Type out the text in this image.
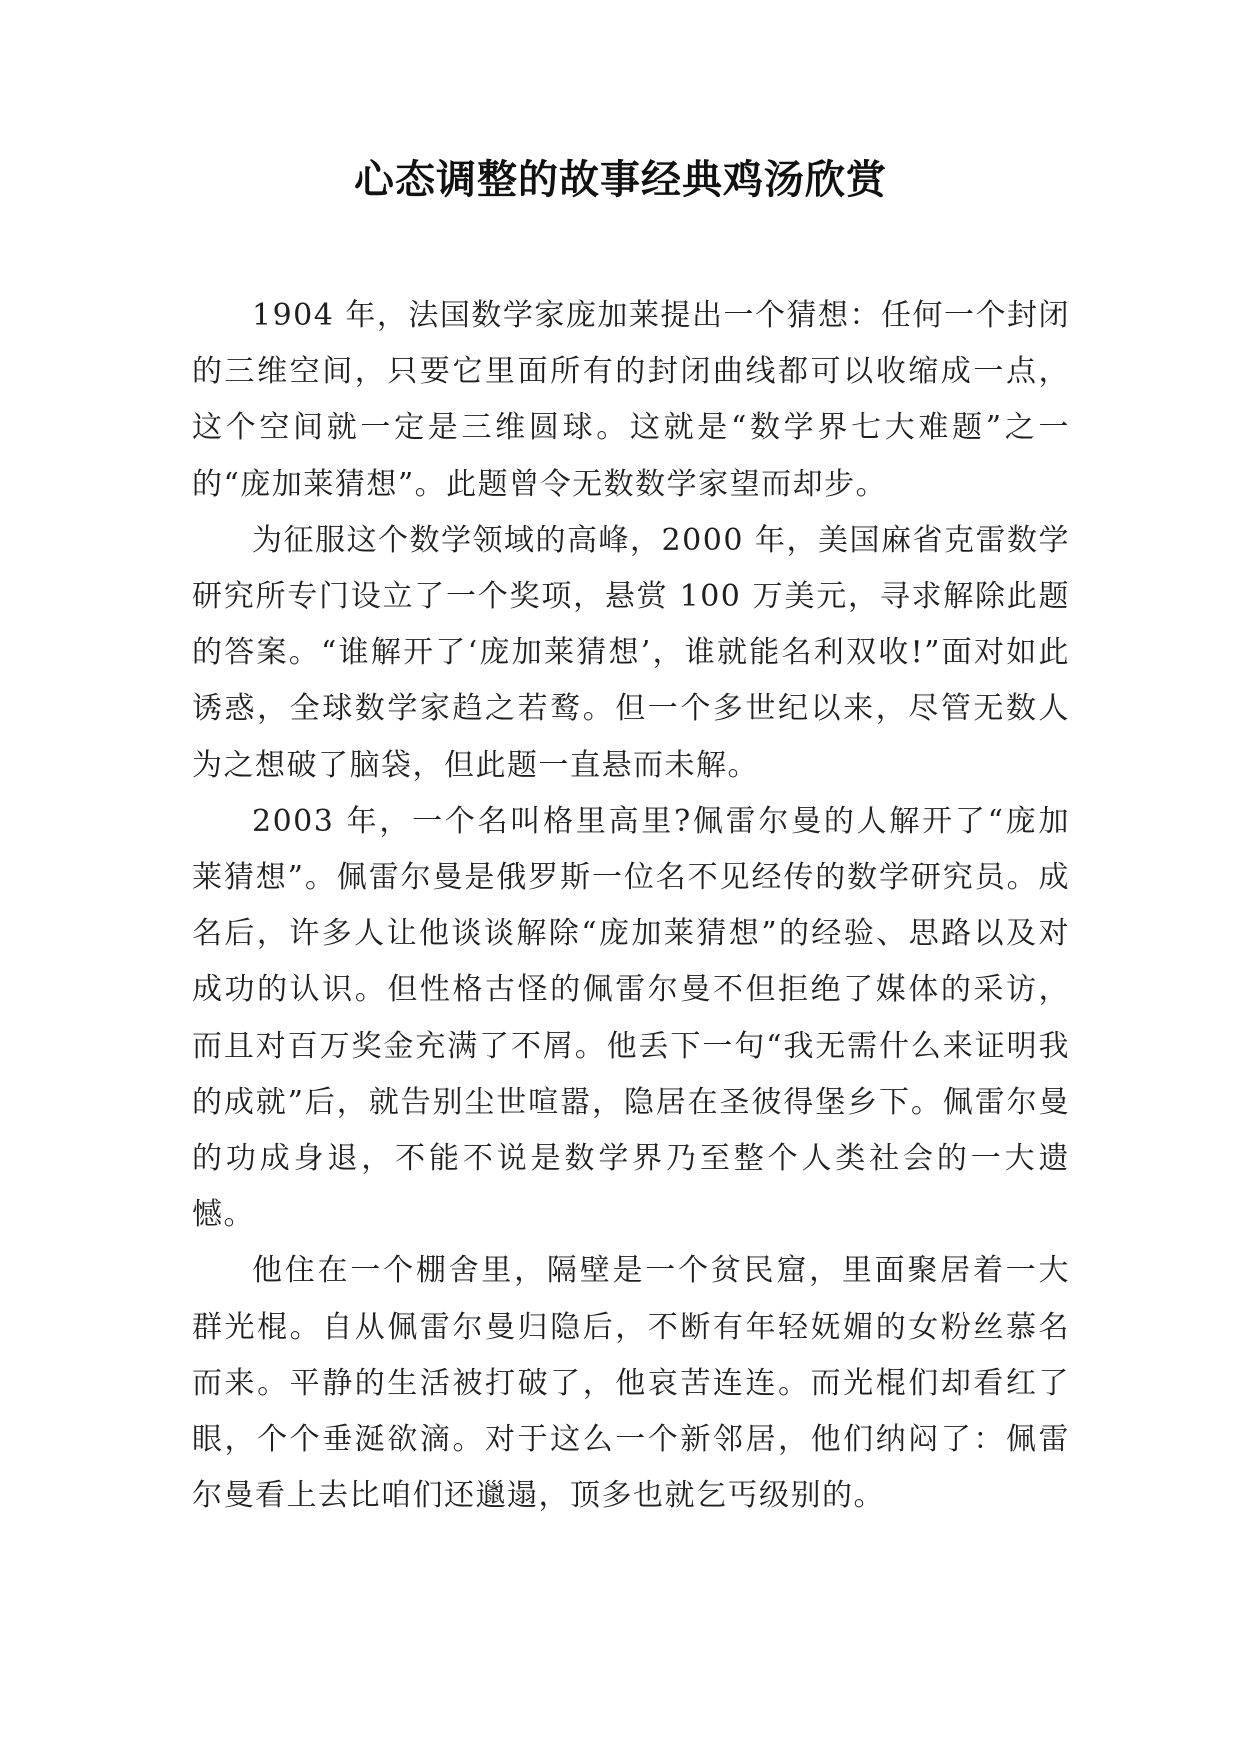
心态调整的故事经典鸡汤欣赏

1904 年，法国数学家庞加莱提出一个猜想：任何一个封闭的三维空间，只要它里面所有的封闭曲线都可以收缩成一点，这个空间就一定是三维圆球。这就是“数学界七大难题”之一的“庞加莱猜想”。此题曾令无数数学家望而却步。

为征服这个数学领域的高峰，2000 年，美国麻省克雷数学研究所专门设立了一个奖项，悬赏 100 万美元，寻求解除此题的答案。“谁解开了‘庞加莱猜想’，谁就能名利双收!”面对如此诱惑，全球数学家趋之若鹜。但一个多世纪以来，尽管无数人为之想破了脑袋，但此题一直悬而未解。

2003 年，一个名叫格里高里?佩雷尔曼的人解开了“庞加莱猜想”。佩雷尔曼是俄罗斯一位名不见经传的数学研究员。成名后，许多人让他谈谈解除“庞加莱猜想”的经验、思路以及对成功的认识。但性格古怪的佩雷尔曼不但拒绝了媒体的采访，而且对百万奖金充满了不屑。他丢下一句“我无需什么来证明我的成就”后，就告别尘世喧嚣，隐居在圣彼得堡乡下。佩雷尔曼的功成身退，不能不说是数学界乃至整个人类社会的一大遗憾。

他住在一个棚舍里，隔壁是一个贫民窟，里面聚居着一大群光棍。自从佩雷尔曼归隐后，不断有年轻妩媚的女粉丝慕名而来。平静的生活被打破了，他哀苦连连。而光棍们却看红了眼，个个垂涎欲滴。对于这么一个新邻居，他们纳闷了：佩雷尔曼看上去比咱们还邋遢，顶多也就乞丐级别的。
